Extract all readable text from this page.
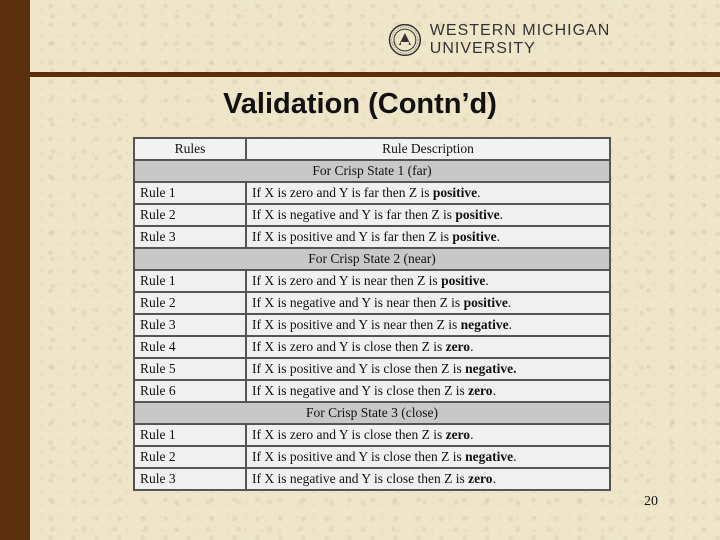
WESTERN MICHIGAN UNIVERSITY
Validation (Contn’d)
Rules	Rule Description
For Crisp State 1 (far)	
Rule 1	If X is zero and Y is far then Z is positive.
Rule 2	If X is negative and Y is far then Z is positive.
Rule 3	If X is positive and Y is far then Z is positive.
For Crisp State 2 (near)	
Rule 1	If X is zero and Y is near then Z is positive.
Rule 2	If X is negative and Y is near then Z is positive.
Rule 3	If X is positive and Y is near then Z is negative.
Rule 4	If X is zero and Y is close then Z is zero.
Rule 5	If X is positive and Y is close then Z is negative.
Rule 6	If X is negative and Y is close then Z is zero.
For Crisp State 3 (close)	
Rule 1	If X is zero and Y is close then Z is zero.
Rule 2	If X is positive and Y is close then Z is negative.
Rule 3	If X is negative and Y is close then Z is zero.
20
